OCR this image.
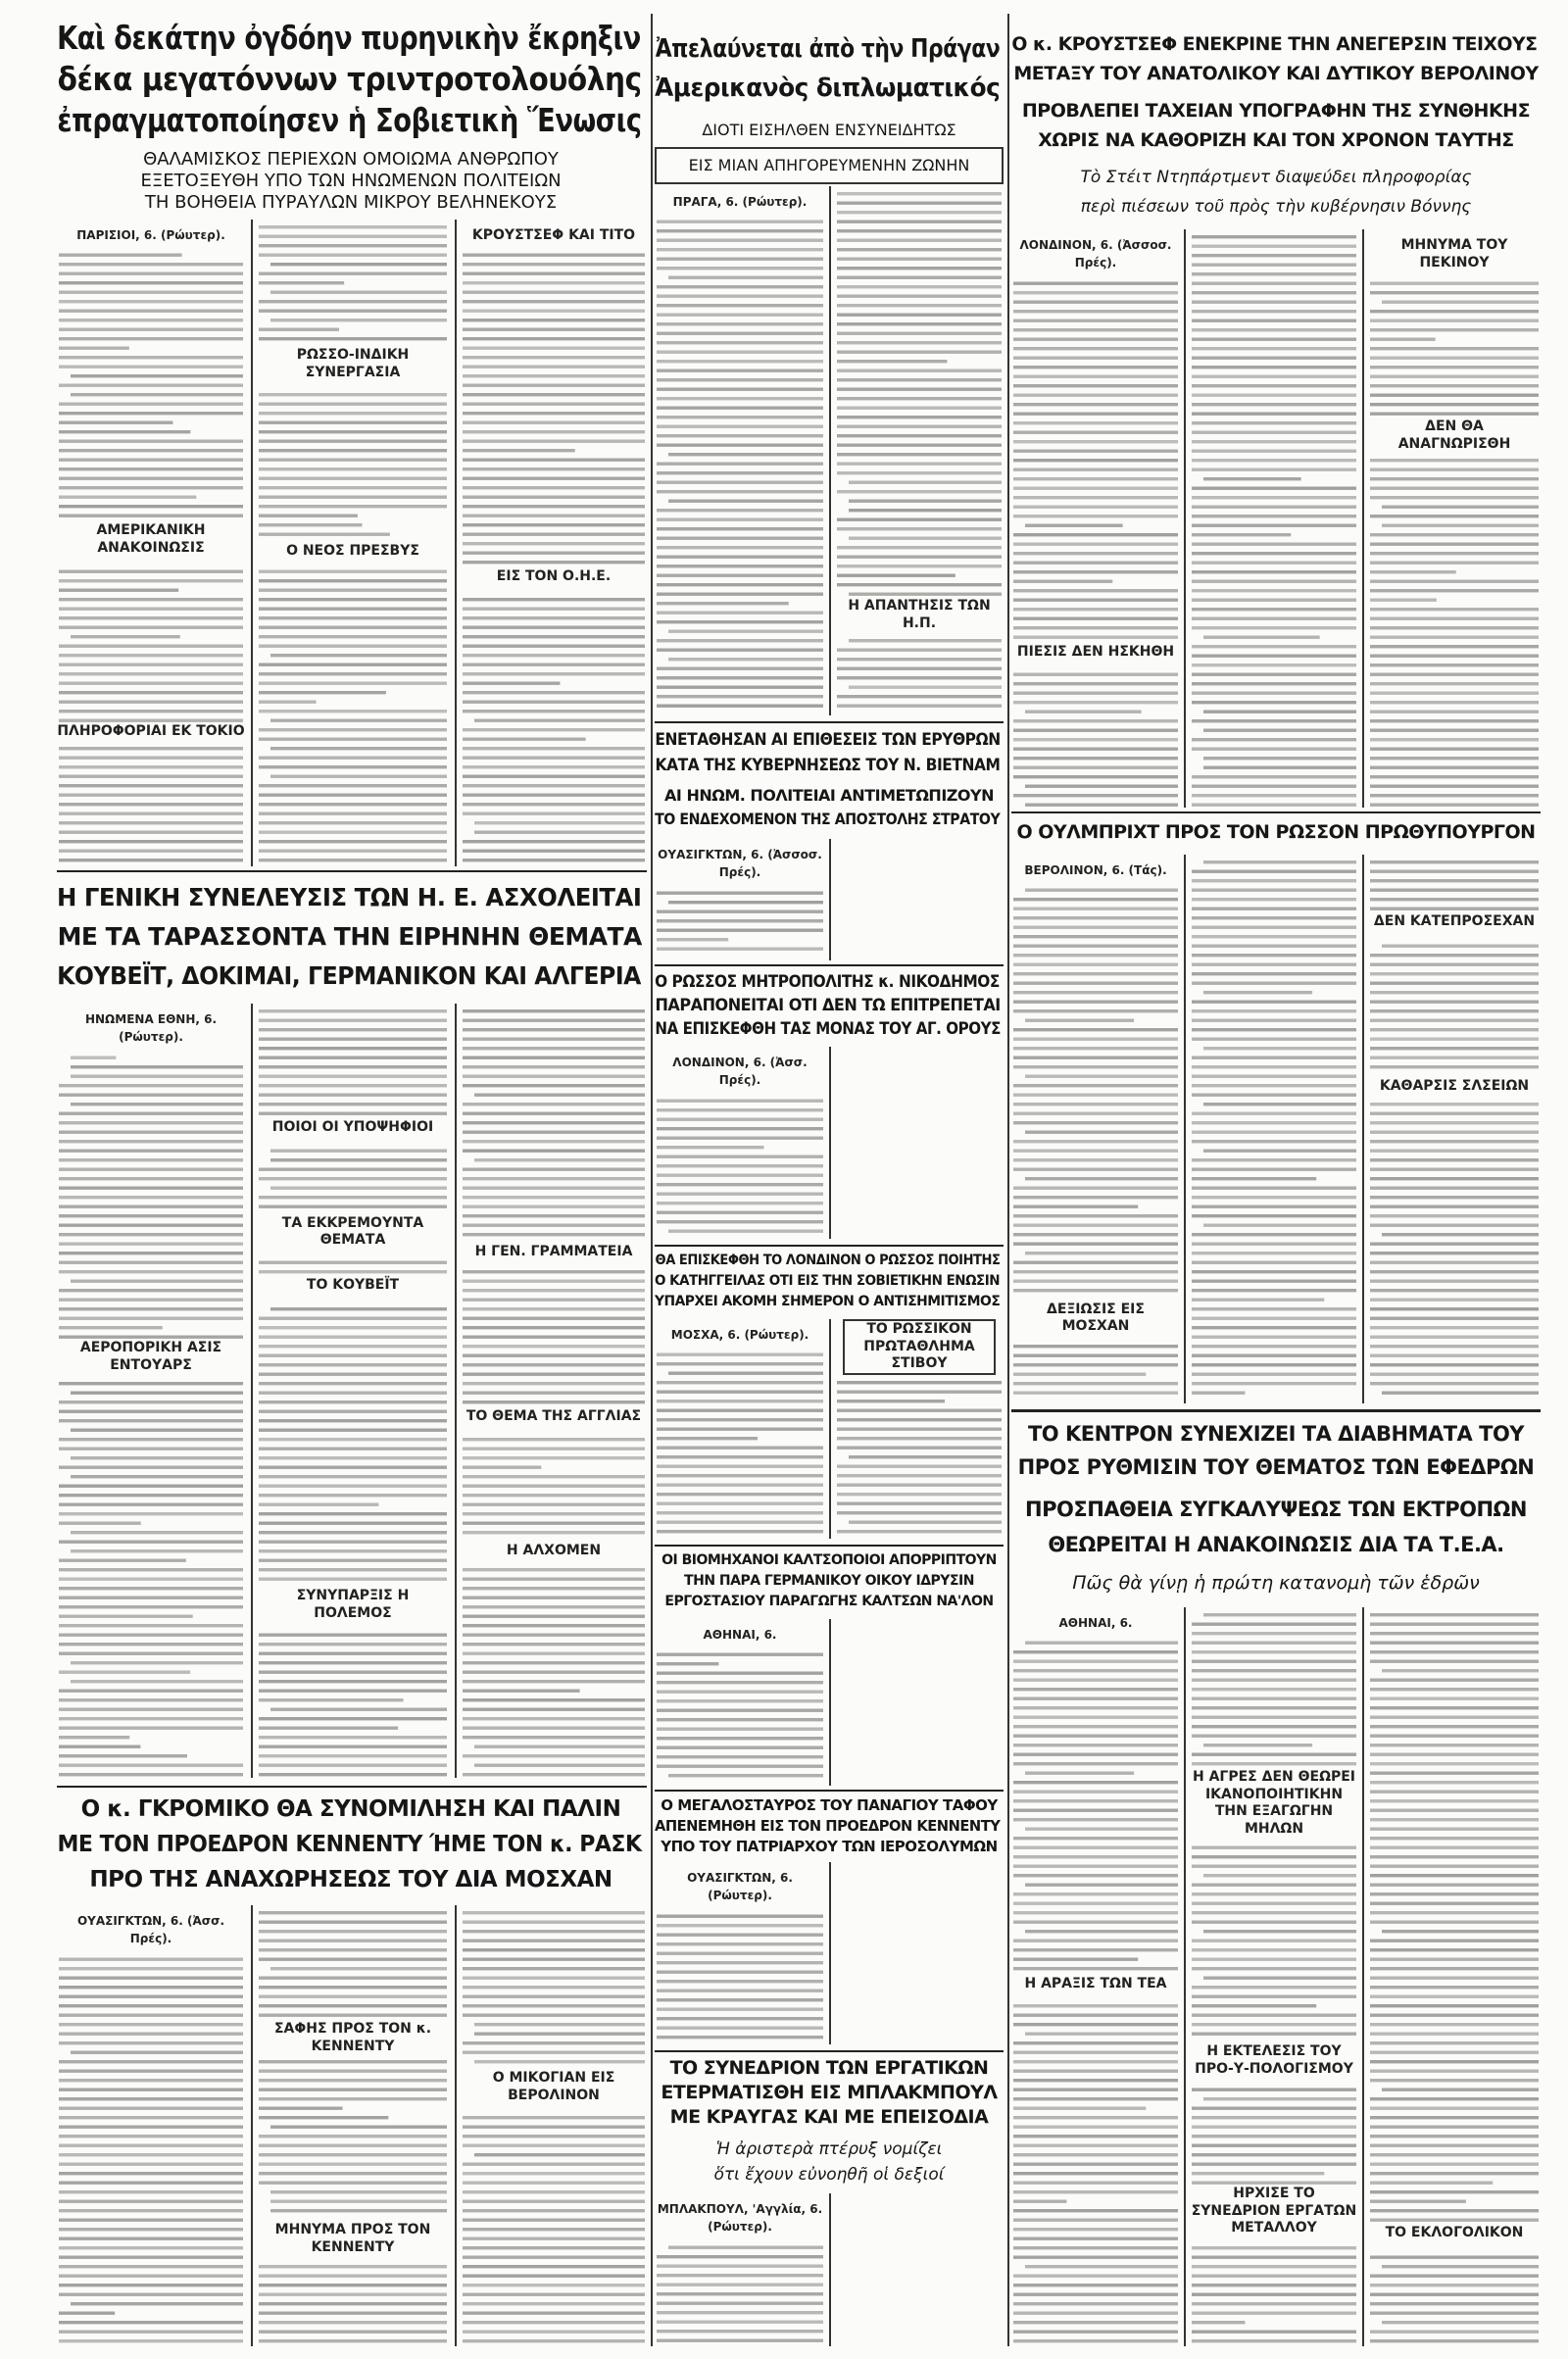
Καὶ δεκάτην ὀγδόην πυρηνικὴν ἔκρηξιν
δέκα μεγατόννων τριντροτολουόλης
ἐπραγματοποίησεν ἡ Σοβιετικὴ Ἕνωσις
ΘΑΛΑΜΙΣΚΟΣ ΠΕΡΙΕΧΩΝ ΟΜΟΙΩΜΑ ΑΝΘΡΩΠΟΥ
ΕΞΕΤΟΞΕΥΘΗ ΥΠΟ ΤΩΝ ΗΝΩΜΕΝΩΝ ΠΟΛΙΤΕΙΩΝ
ΤΗ ΒΟΗΘΕΙΑ ΠΥΡΑΥΛΩΝ ΜΙΚΡΟΥ ΒΕΛΗΝΕΚΟΥΣ
ΠΑΡΙΣΙΟΙ, 6. (Ρώυτερ).

ΑΜΕΡΙΚΑΝΙΚΗ ΑΝΑΚΟΙΝΩΣΙΣ
ΠΛΗΡΟΦΟΡΙΑΙ ΕΚ ΤΟΚΙΟ
ΡΩΣΣΟ-ΙΝΔΙΚΗ ΣΥΝΕΡΓΑΣΙΑ
Ο ΝΕΟΣ ΠΡΕΣΒΥΣ
ΚΡΟΥΣΤΣΕΦ ΚΑΙ ΤΙΤΟ
ΕΙΣ ΤΟΝ Ο.Η.Ε.
Η ΓΕΝΙΚΗ ΣΥΝΕΛΕΥΣΙΣ ΤΩΝ Η. Ε. ΑΣΧΟΛΕΙΤΑΙ
ΜΕ ΤΑ ΤΑΡΑΣΣΟΝΤΑ ΤΗΝ ΕΙΡΗΝΗΝ ΘΕΜΑΤΑ
ΚΟΥΒΕΪΤ, ΔΟΚΙΜΑΙ, ΓΕΡΜΑΝΙΚΟΝ ΚΑΙ ΑΛΓΕΡΙΑ
ΗΝΩΜΕΝΑ ΕΘΝΗ, 6. (Ρώυτερ).
ΑΕΡΟΠΟΡΙΚΗ ΑΣΙΣ ΕΝΤΟΥΑΡΣ
ΠΟΙΟΙ ΟΙ ΥΠΟΨΗΦΙΟΙ
ΤΑ ΕΚΚΡΕΜΟΥΝΤΑ ΘΕΜΑΤΑ
ΤΟ ΚΟΥΒΕΪΤ
ΣΥΝΥΠΑΡΞΙΣ Η ΠΟΛΕΜΟΣ
Η ΓΕΝ. ΓΡΑΜΜΑΤΕΙΑ
ΤΟ ΘΕΜΑ ΤΗΣ ΑΓΓΛΙΑΣ
Η ΑΛΧΟΜΕΝ
Ο κ. ΓΚΡΟΜΙΚΟ ΘΑ ΣΥΝΟΜΙΛΗΣΗ ΚΑΙ ΠΑΛΙΝ
ΜΕ ΤΟΝ ΠΡΟΕΔΡΟΝ ΚΕΝΝΕΝΤΥ ΉΜΕ ΤΟΝ κ. ΡΑΣΚ
ΠΡΟ ΤΗΣ ΑΝΑΧΩΡΗΣΕΩΣ ΤΟΥ ΔΙΑ ΜΟΣΧΑΝ
ΟΥΑΣΙΓΚΤΩΝ, 6. (Ἀσσ. Πρές).
ΣΑΦΗΣ ΠΡΟΣ ΤΟΝ κ. ΚΕΝΝΕΝΤΥ
ΜΗΝΥΜΑ ΠΡΟΣ ΤΟΝ ΚΕΝΝΕΝΤΥ
Ο ΜΙΚΟΓΙΑΝ ΕΙΣ ΒΕΡΟΛΙΝΟΝ
Ἀπελαύνεται ἀπὸ τὴν Πράγαν
Ἀμερικανὸς διπλωματικός
ΔΙΟΤΙ ΕΙΣΗΛΘΕΝ ΕΝΣΥΝΕΙΔΗΤΩΣ
ΕΙΣ ΜΙΑΝ ΑΠΗΓΟΡΕΥΜΕΝΗΝ ΖΩΝΗΝ
ΠΡΑΓΑ, 6. (Ρώυτερ).
Η ΑΠΑΝΤΗΣΙΣ ΤΩΝ Η.Π.
ΕΝΕΤΑΘΗΣΑΝ ΑΙ ΕΠΙΘΕΣΕΙΣ ΤΩΝ ΕΡΥΘΡΩΝ
ΚΑΤΑ ΤΗΣ ΚΥΒΕΡΝΗΣΕΩΣ ΤΟΥ Ν. ΒΙΕΤΝΑΜ
ΑΙ ΗΝΩΜ. ΠΟΛΙΤΕΙΑΙ ΑΝΤΙΜΕΤΩΠΙΖΟΥΝ
ΤΟ ΕΝΔΕΧΟΜΕΝΟΝ ΤΗΣ ΑΠΟΣΤΟΛΗΣ ΣΤΡΑΤΟΥ
ΟΥΑΣΙΓΚΤΩΝ, 6. (Ἀσσοσ. Πρές).
Ο ΡΩΣΣΟΣ ΜΗΤΡΟΠΟΛΙΤΗΣ κ. ΝΙΚΟΔΗΜΟΣ
ΠΑΡΑΠΟΝΕΙΤΑΙ ΟΤΙ ΔΕΝ ΤΩ ΕΠΙΤΡΕΠΕΤΑΙ
ΝΑ ΕΠΙΣΚΕΦΘΗ ΤΑΣ ΜΟΝΑΣ ΤΟΥ ΑΓ. ΟΡΟΥΣ
ΛΟΝΔΙΝΟΝ, 6. (Ἀσσ. Πρές).
ΘΑ ΕΠΙΣΚΕΦΘΗ ΤΟ ΛΟΝΔΙΝΟΝ Ο ΡΩΣΣΟΣ ΠΟΙΗΤΗΣ
Ο ΚΑΤΗΓΓΕΙΛΑΣ ΟΤΙ ΕΙΣ ΤΗΝ ΣΟΒΙΕΤΙΚΗΝ ΕΝΩΣΙΝ
ΥΠΑΡΧΕΙ ΑΚΟΜΗ ΣΗΜΕΡΟΝ Ο ΑΝΤΙΣΗΜΙΤΙΣΜΟΣ
ΜΟΣΧΑ, 6. (Ρώυτερ).	ΤΟ ΡΩΣΣΙΚΟΝ ΠΡΩΤΑΘΛΗΜΑ ΣΤΙΒΟΥ
ΟΙ ΒΙΟΜΗΧΑΝΟΙ ΚΑΛΤΣΟΠΟΙΟΙ ΑΠΟΡΡΙΠΤΟΥΝ
ΤΗΝ ΠΑΡΑ ΓΕΡΜΑΝΙΚΟΥ ΟΙΚΟΥ ΙΔΡΥΣΙΝ
ΕΡΓΟΣΤΑΣΙΟΥ ΠΑΡΑΓΩΓΗΣ ΚΑΛΤΣΩΝ ΝΑ'ΛΟΝ
ΑΘΗΝΑΙ, 6.
Ο ΜΕΓΑΛΟΣΤΑΥΡΟΣ ΤΟΥ ΠΑΝΑΓΙΟΥ ΤΑΦΟΥ
ΑΠΕΝΕΜΗΘΗ ΕΙΣ ΤΟΝ ΠΡΟΕΔΡΟΝ ΚΕΝΝΕΝΤΥ
ΥΠΟ ΤΟΥ ΠΑΤΡΙΑΡΧΟΥ ΤΩΝ ΙΕΡΟΣΟΛΥΜΩΝ
ΟΥΑΣΙΓΚΤΩΝ, 6. (Ρώυτερ).
ΤΟ ΣΥΝΕΔΡΙΟΝ ΤΩΝ ΕΡΓΑΤΙΚΩΝ
ΕΤΕΡΜΑΤΙΣΘΗ ΕΙΣ ΜΠΛΑΚΜΠΟΥΛ
ΜΕ ΚΡΑΥΓΑΣ ΚΑΙ ΜΕ ΕΠΕΙΣΟΔΙΑ
Ἡ ἀριστερὰ πτέρυξ νομίζει
ὅτι ἔχουν εὐνοηθῆ οἱ δεξιοί
ΜΠΛΑΚΠΟΥΛ, 'Αγγλία, 6. (Ρώυτερ).
Ο κ. ΚΡΟΥΣΤΣΕΦ ΕΝΕΚΡΙΝΕ ΤΗΝ ΑΝΕΓΕΡΣΙΝ ΤΕΙΧΟΥΣ
ΜΕΤΑΞΥ ΤΟΥ ΑΝΑΤΟΛΙΚΟΥ ΚΑΙ ΔΥΤΙΚΟΥ ΒΕΡΟΛΙΝΟΥ
ΠΡΟΒΛΕΠΕΙ ΤΑΧΕΙΑΝ ΥΠΟΓΡΑΦΗΝ ΤΗΣ ΣΥΝΘΗΚΗΣ
ΧΩΡΙΣ ΝΑ ΚΑΘΟΡΙΖΗ ΚΑΙ ΤΟΝ ΧΡΟΝΟΝ ΤΑΥΤΗΣ
Τὸ Στέιτ Ντηπάρτμεντ διαψεύδει πληροφορίας
περὶ πιέσεων τοῦ πρὸς τὴν κυβέρνησιν Βόννης
ΛΟΝΔΙΝΟΝ, 6. (Ἀσσοσ. Πρές).
ΠΙΕΣΙΣ ΔΕΝ ΗΣΚΗΘΗ
ΜΗΝΥΜΑ ΤΟΥ ΠΕΚΙΝΟΥ
ΔΕΝ ΘΑ ΑΝΑΓΝΩΡΙΣΘΗ
Ο ΟΥΛΜΠΡΙΧΤ ΠΡΟΣ ΤΟΝ ΡΩΣΣΟΝ ΠΡΩΘΥΠΟΥΡΓΟΝ
ΒΕΡΟΛΙΝΟΝ, 6. (Τάς).
ΔΕΞΙΩΣΙΣ ΕΙΣ ΜΟΣΧΑΝ
ΔΕΝ ΚΑΤΕΠΡΟΣΕΧΑΝ
ΚΑΘΑΡΣΙΣ ΣΛΣΕΙΩΝ
ΤΟ ΚΕΝΤΡΟΝ ΣΥΝΕΧΙΖΕΙ ΤΑ ΔΙΑΒΗΜΑΤΑ ΤΟΥ
ΠΡΟΣ ΡΥΘΜΙΣΙΝ ΤΟΥ ΘΕΜΑΤΟΣ ΤΩΝ ΕΦΕΔΡΩΝ
ΠΡΟΣΠΑΘΕΙΑ ΣΥΓΚΑΛΥΨΕΩΣ ΤΩΝ ΕΚΤΡΟΠΩΝ
ΘΕΩΡΕΙΤΑΙ Η ΑΝΑΚΟΙΝΩΣΙΣ ΔΙΑ ΤΑ Τ.Ε.Α.
Πῶς θὰ γίνῃ ἡ πρώτη κατανομὴ τῶν ἑδρῶν
ΑΘΗΝΑΙ, 6.
Η ΑΡΑΞΙΣ ΤΩΝ ΤΕΑ
Η ΑΓΡΕΣ ΔΕΝ ΘΕΩΡΕΙ ΙΚΑΝΟΠΟΙΗΤΙΚΗΝ ΤΗΝ ΕΞΑΓΩΓΗΝ ΜΗΛΩΝ
Η ΕΚΤΕΛΕΣΙΣ ΤΟΥ ΠΡΟ-Υ-ΠΟΛΟΓΙΣΜΟΥ
ΗΡΧΙΣΕ ΤΟ ΣΥΝΕΔΡΙΟΝ ΕΡΓΑΤΩΝ ΜΕΤΑΛΛΟΥ	ΤΟ ΕΚΛΟΓΟΛΙΚΟΝ
